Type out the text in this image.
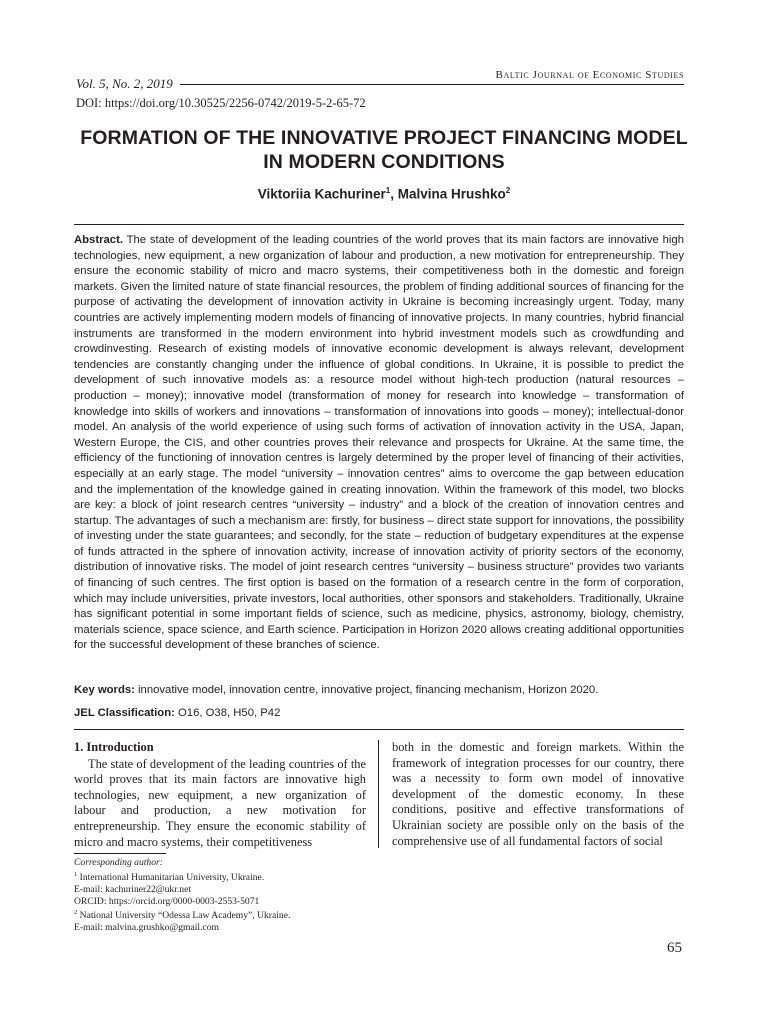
Vol. 5, No. 2, 2019
Baltic Journal of Economic Studies
DOI: https://doi.org/10.30525/2256-0742/2019-5-2-65-72
FORMATION OF THE INNOVATIVE PROJECT FINANCING MODEL
IN MODERN CONDITIONS
Viktoriia Kachuriner$^1$, Malvina Hrushko$^2$
Abstract. The state of development of the leading countries of the world proves that its main factors are innovative high technologies, new equipment, a new organization of labour and production, a new motivation for entrepreneurship. They ensure the economic stability of micro and macro systems, their competitiveness both in the domestic and foreign markets. Given the limited nature of state financial resources, the problem of finding additional sources of financing for the purpose of activating the development of innovation activity in Ukraine is becoming increasingly urgent. Today, many countries are actively implementing modern models of financing of innovative projects. In many countries, hybrid financial instruments are transformed in the modern environment into hybrid investment models such as crowdfunding and crowdinvesting. Research of existing models of innovative economic development is always relevant, development tendencies are constantly changing under the influence of global conditions. In Ukraine, it is possible to predict the development of such innovative models as: a resource model without high-tech production (natural resources – production – money); innovative model (transformation of money for research into knowledge – transformation of knowledge into skills of workers and innovations – transformation of innovations into goods – money); intellectual-donor model. An analysis of the world experience of using such forms of activation of innovation activity in the USA, Japan, Western Europe, the CIS, and other countries proves their relevance and prospects for Ukraine. At the same time, the efficiency of the functioning of innovation centres is largely determined by the proper level of financing of their activities, especially at an early stage. The model “university – innovation centres” aims to overcome the gap between education and the implementation of the knowledge gained in creating innovation. Within the framework of this model, two blocks are key: a block of joint research centres “university – industry” and a block of the creation of innovation centres and startup. The advantages of such a mechanism are: firstly, for business – direct state support for innovations, the possibility of investing under the state guarantees; and secondly, for the state – reduction of budgetary expenditures at the expense of funds attracted in the sphere of innovation activity, increase of innovation activity of priority sectors of the economy, distribution of innovative risks. The model of joint research centres “university – business structure” provides two variants of financing of such centres. The first option is based on the formation of a research centre in the form of corporation, which may include universities, private investors, local authorities, other sponsors and stakeholders. Traditionally, Ukraine has significant potential in some important fields of science, such as medicine, physics, astronomy, biology, chemistry, materials science, space science, and Earth science. Participation in Horizon 2020 allows creating additional opportunities for the successful development of these branches of science.
Key words: innovative model, innovation centre, innovative project, financing mechanism, Horizon 2020.
JEL Classification: O16, O38, H50, P42
1. Introduction

The state of development of the leading countries of the world proves that its main factors are innovative high technologies, new equipment, a new organization of labour and production, a new motivation for entrepreneurship. They ensure the economic stability of micro and macro systems, their competitiveness

both in the domestic and foreign markets. Within the framework of integration processes for our country, there was a necessity to form own model of innovative development of the domestic economy. In these conditions, positive and effective transformations of Ukrainian society are possible only on the basis of the comprehensive use of all fundamental factors of social

Corresponding author:
$^1$ International Humanitarian University, Ukraine.
E-mail: kachuriner22@ukr.net
ORCID: https://orcid.org/0000-0003-2553-5071
$^2$ National University “Odessa Law Academy”, Ukraine.
E-mail: malvina.grushko@gmail.com
65
